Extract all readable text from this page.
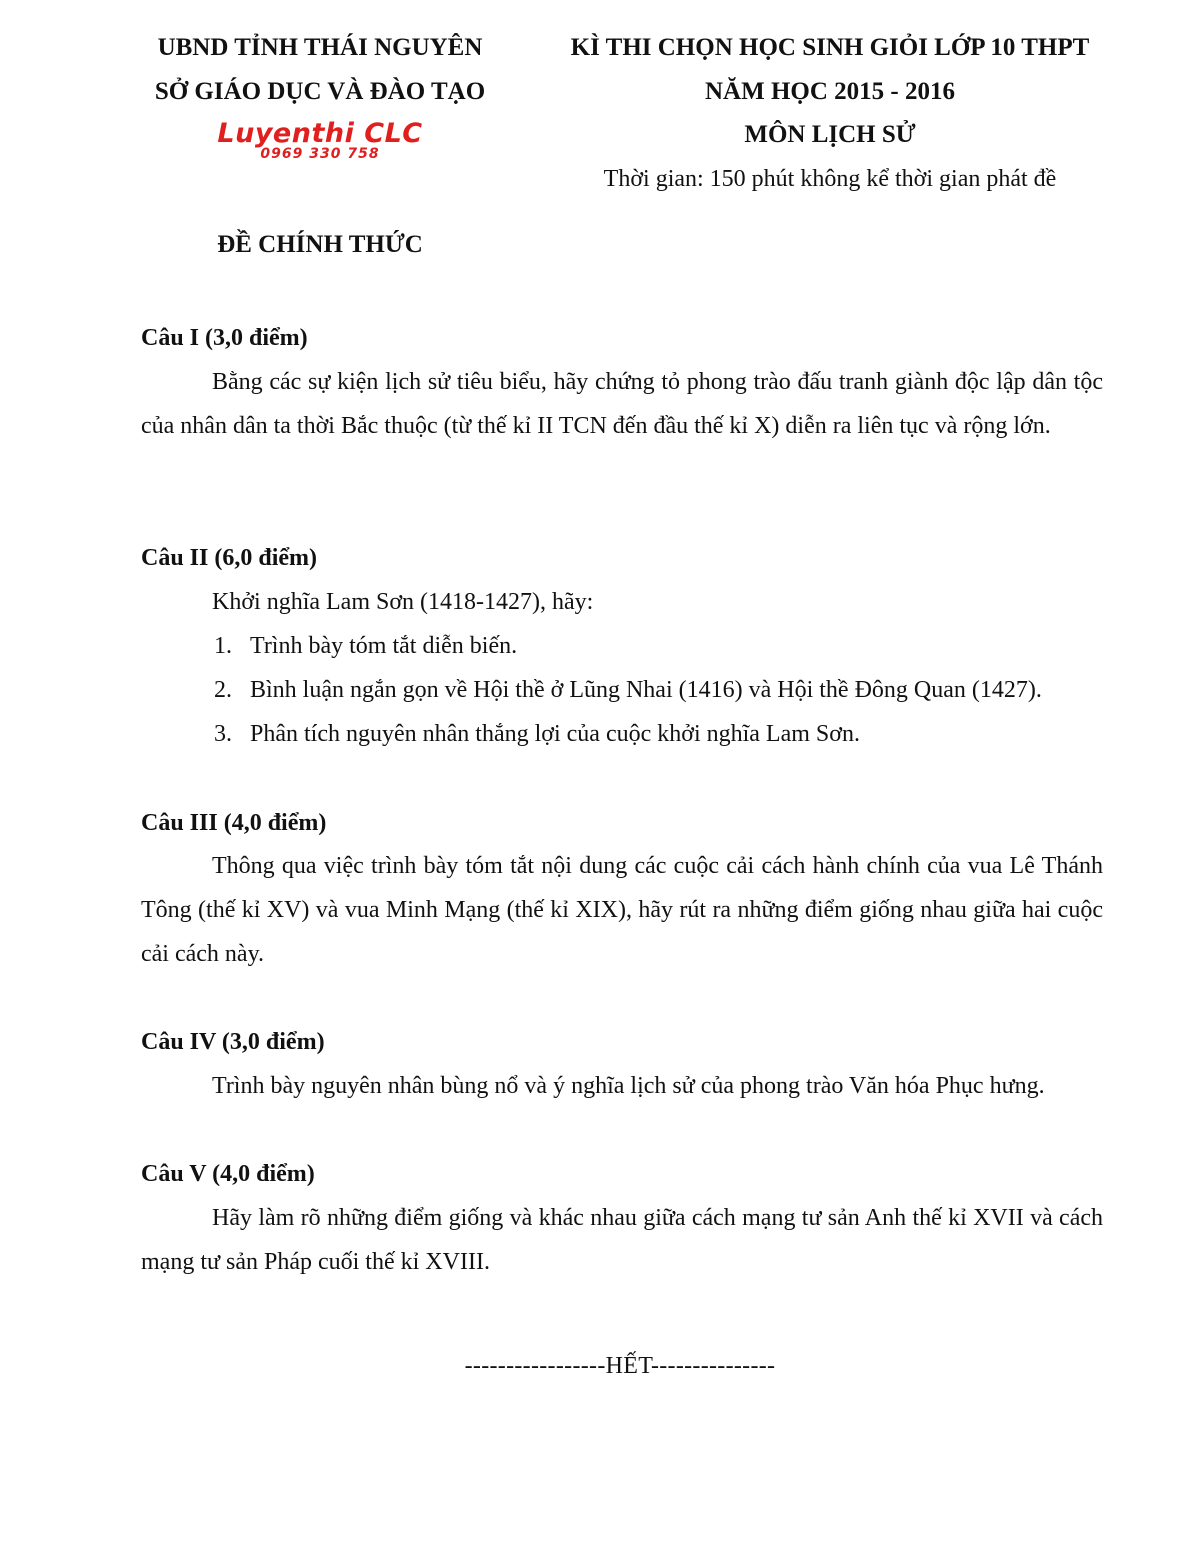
UBND TỈNH THÁI NGUYÊN
SỞ GIÁO DỤC VÀ ĐÀO TẠO
Luyenthi CLC
0969 330 758
ĐỀ CHÍNH THỨC
KÌ THI CHỌN HỌC SINH GIỎI LỚP 10 THPT
NĂM HỌC 2015 - 2016
MÔN LỊCH SỬ
Thời gian: 150 phút không kể thời gian phát đề
Câu I (3,0 điểm)
Bằng các sự kiện lịch sử tiêu biểu, hãy chứng tỏ phong trào đấu tranh giành độc lập dân tộc của nhân dân ta thời Bắc thuộc (từ thế kỉ II TCN đến đầu thế kỉ X) diễn ra liên tục và rộng lớn.
Câu II (6,0 điểm)
Khởi nghĩa Lam Sơn (1418-1427), hãy:
1. Trình bày tóm tắt diễn biến.
2. Bình luận ngắn gọn về Hội thề ở Lũng Nhai (1416) và Hội thề Đông Quan (1427).
3. Phân tích nguyên nhân thắng lợi của cuộc khởi nghĩa Lam Sơn.
Câu III (4,0 điểm)
Thông qua việc trình bày tóm tắt nội dung các cuộc cải cách hành chính của vua Lê Thánh Tông (thế kỉ XV) và vua Minh Mạng (thế kỉ XIX), hãy rút ra những điểm giống nhau giữa hai cuộc cải cách này.
Câu IV (3,0 điểm)
Trình bày nguyên nhân bùng nổ và ý nghĩa lịch sử của phong trào Văn hóa Phục hưng.
Câu V (4,0 điểm)
Hãy làm rõ những điểm giống và khác nhau giữa cách mạng tư sản Anh thế kỉ XVII và cách mạng tư sản Pháp cuối thế kỉ XVIII.
-----------------HẾT---------------
